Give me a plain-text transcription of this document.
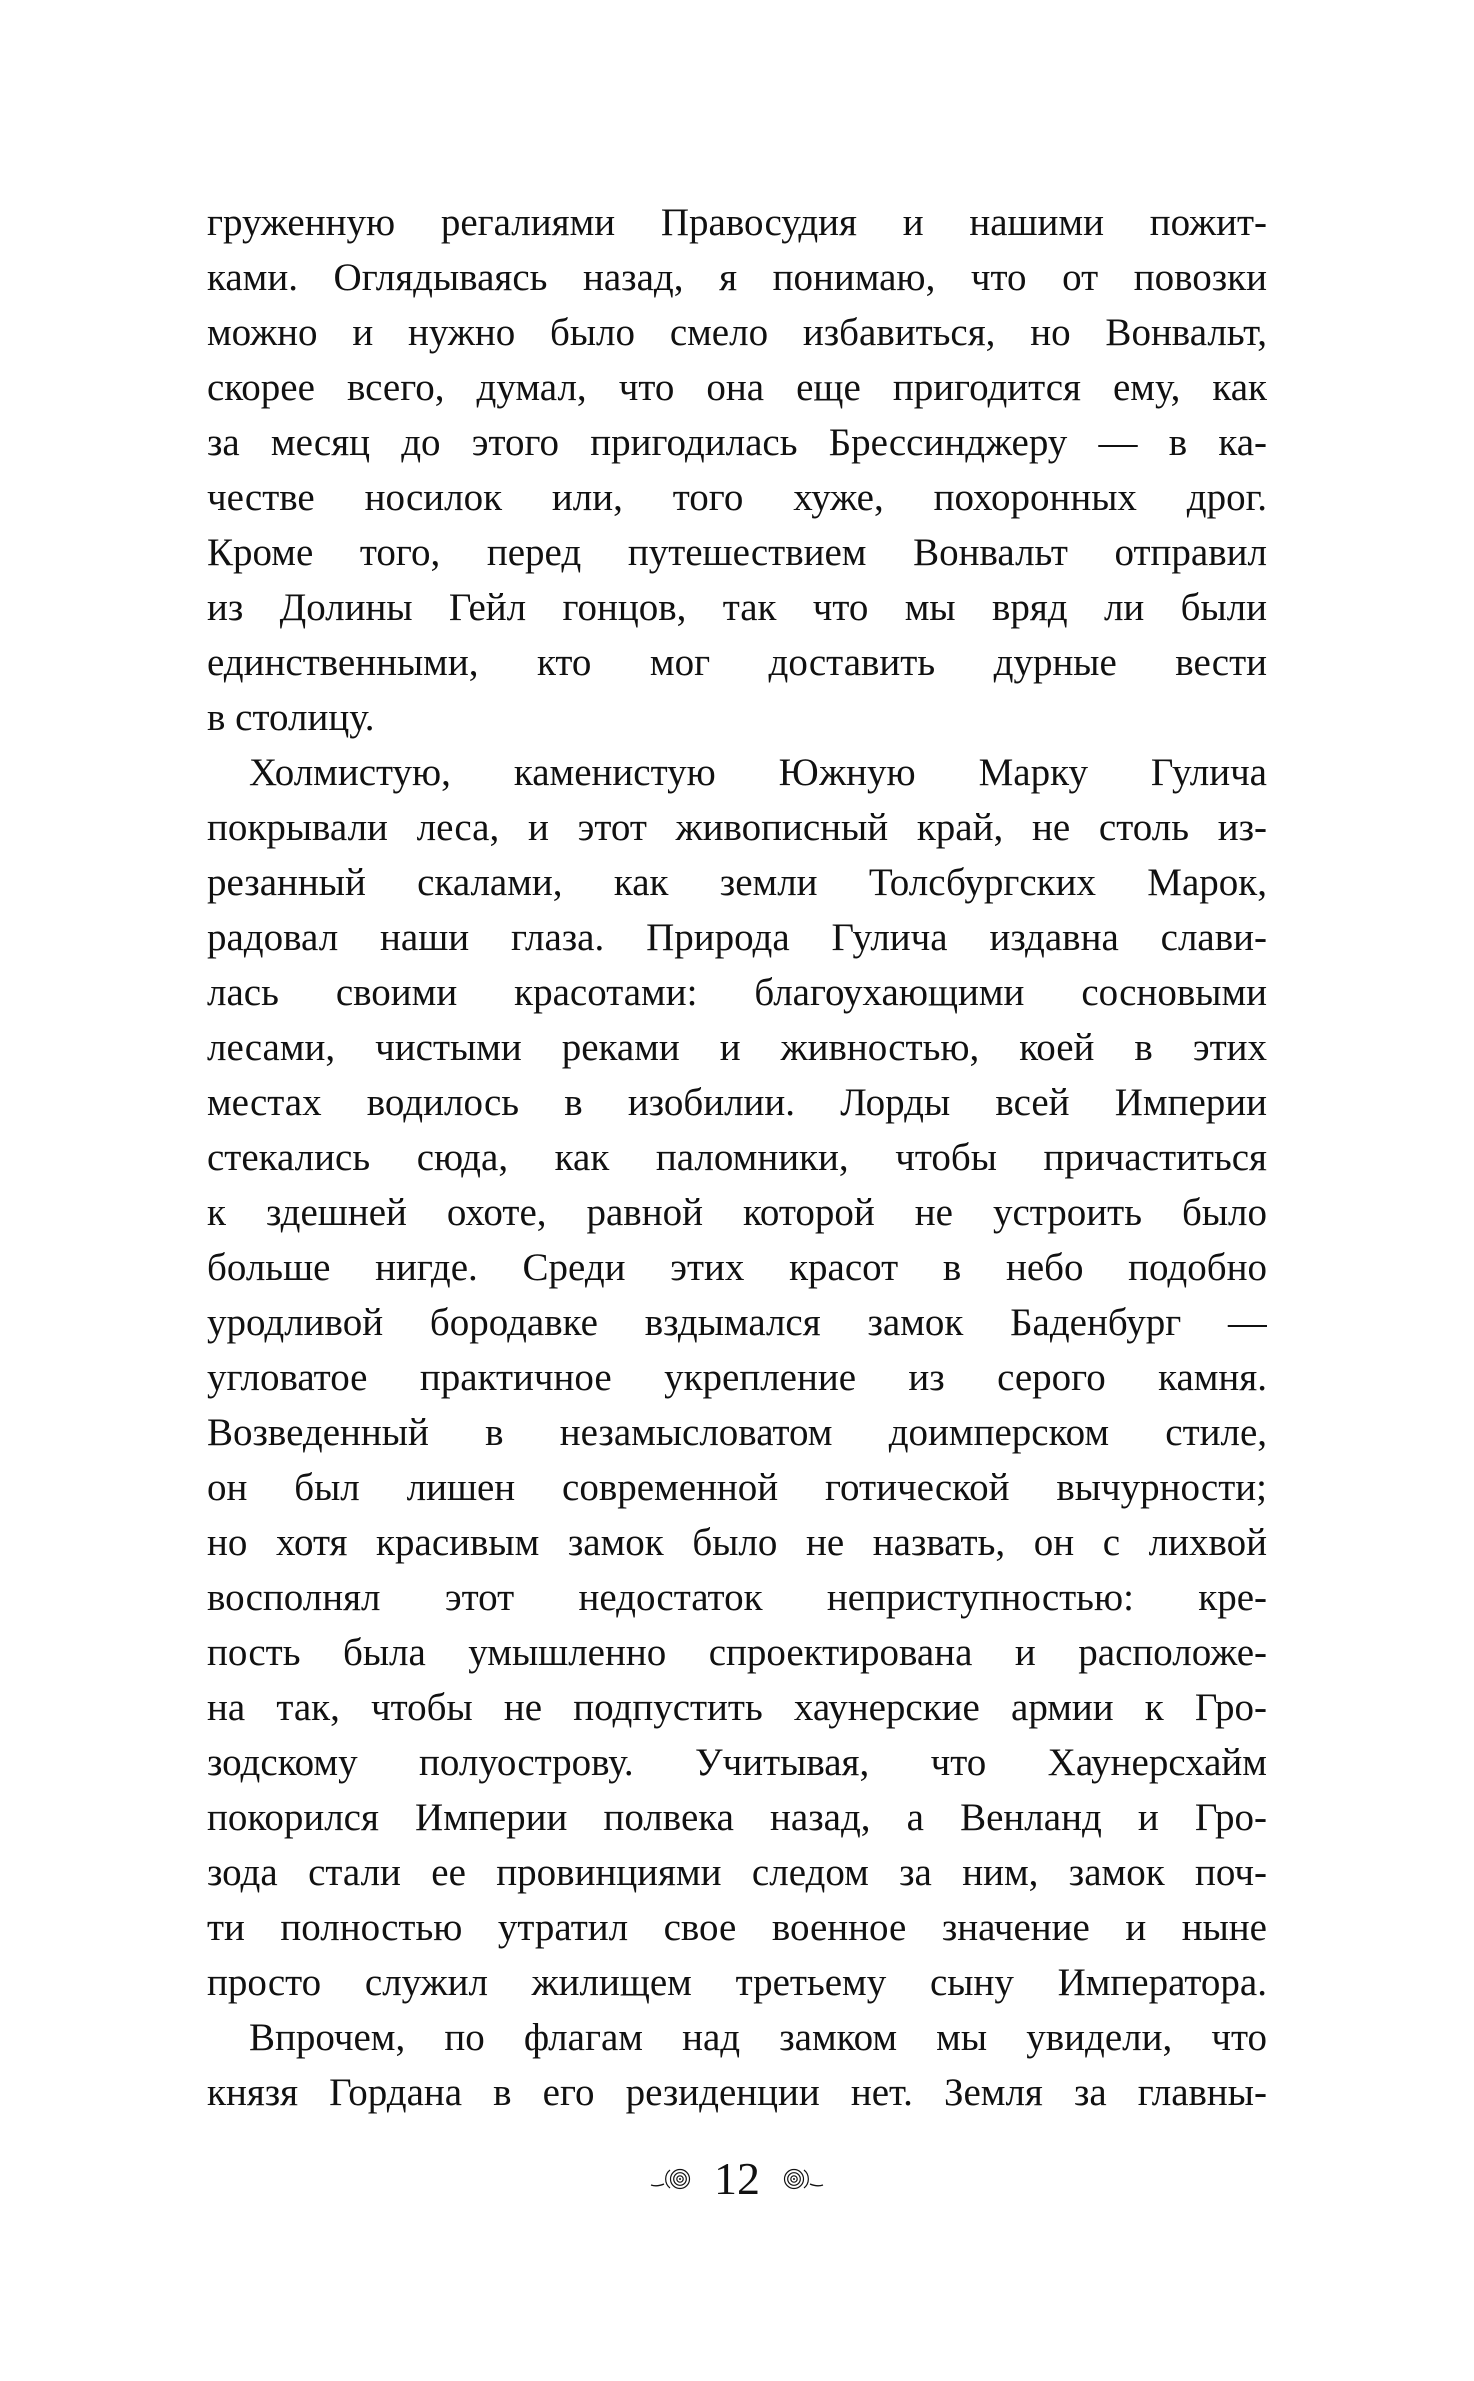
груженную регалиями Правосудия и нашими пожит-
ками. Оглядываясь назад, я понимаю, что от повозки
можно и нужно было смело избавиться, но Вонвальт,
скорее всего, думал, что она еще пригодится ему, как
за месяц до этого пригодилась Брессинджеру — в ка-
честве носилок или, того хуже, похоронных дрог.
Кроме того, перед путешествием Вонвальт отправил
из Долины Гейл гонцов, так что мы вряд ли были
единственными, кто мог доставить дурные вести
в столицу.
Холмистую, каменистую Южную Марку Гулича
покрывали леса, и этот живописный край, не столь из-
резанный скалами, как земли Толсбургских Марок,
радовал наши глаза. Природа Гулича издавна слави-
лась своими красотами: благоухающими сосновыми
лесами, чистыми реками и живностью, коей в этих
местах водилось в изобилии. Лорды всей Империи
стекались сюда, как паломники, чтобы причаститься
к здешней охоте, равной которой не устроить было
больше нигде. Среди этих красот в небо подобно
уродливой бородавке вздымался замок Баденбург —
угловатое практичное укрепление из серого камня.
Возведенный в незамысловатом доимперском стиле,
он был лишен современной готической вычурности;
но хотя красивым замок было не назвать, он с лихвой
восполнял этот недостаток неприступностью: кре-
пость была умышленно спроектирована и расположе-
на так, чтобы не подпустить хаунерские армии к Гро-
зодскому полуострову. Учитывая, что Хаунерсхайм
покорился Империи полвека назад, а Венланд и Гро-
зода стали ее провинциями следом за ним, замок поч-
ти полностью утратил свое военное значение и ныне
просто служил жилищем третьему сыну Императора.
Впрочем, по флагам над замком мы увидели, что
князя Гордана в его резиденции нет. Земля за главны-
12
